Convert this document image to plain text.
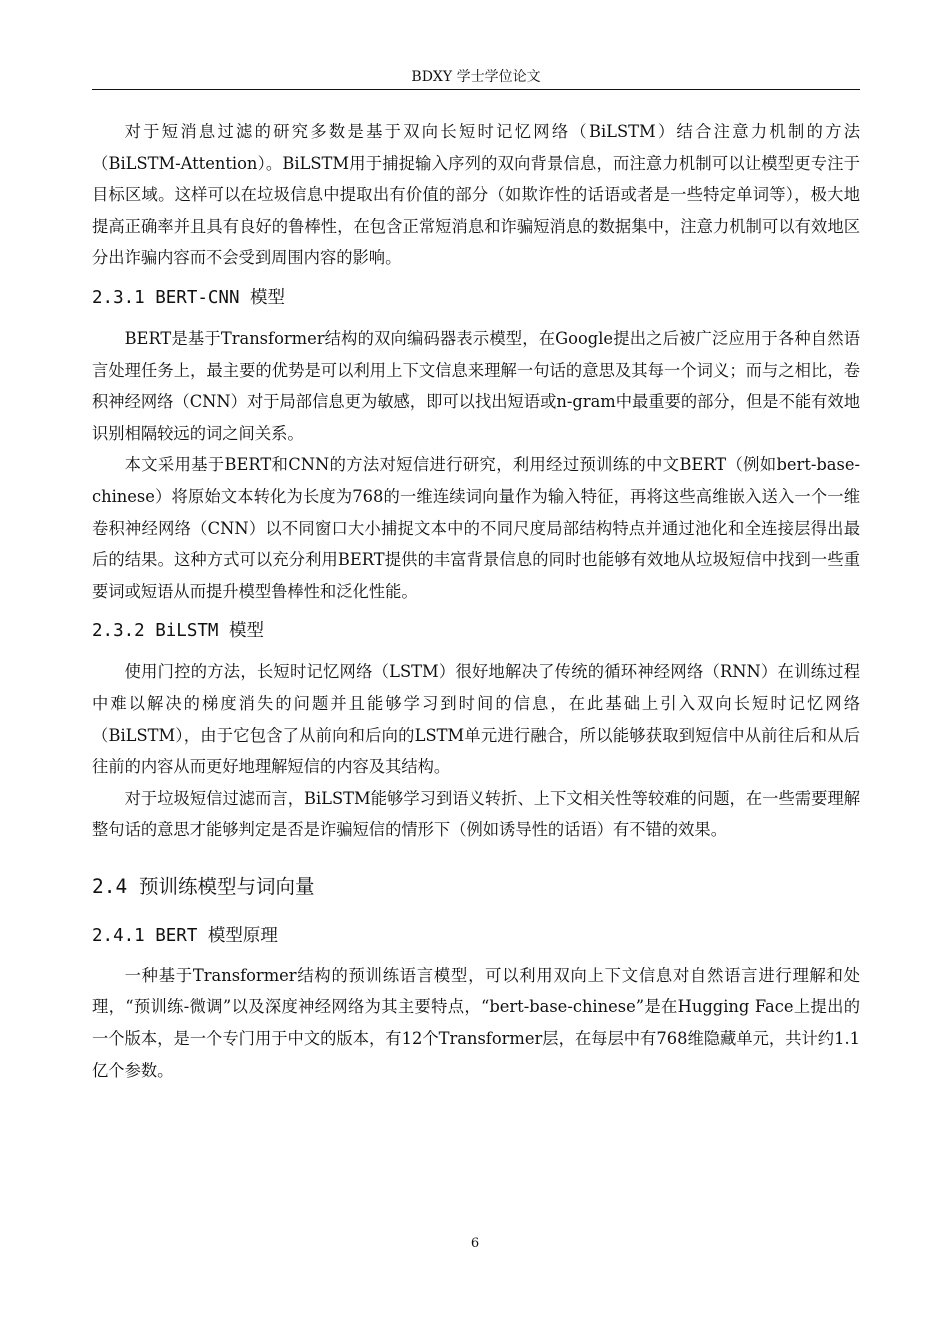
BDXY 学士学位论文

对于短消息过滤的研究多数是基于双向长短时记忆网络（BiLSTM）结合注意力机制的方法（BiLSTM-Attention）。BiLSTM用于捕捉输入序列的双向背景信息，而注意力机制可以让模型更专注于目标区域。这样可以在垃圾信息中提取出有价值的部分（如欺诈性的话语或者是一些特定单词等），极大地提高正确率并且具有良好的鲁棒性，在包含正常短消息和诈骗短消息的数据集中，注意力机制可以有效地区分出诈骗内容而不会受到周围内容的影响。

2.3.1 BERT-CNN 模型

BERT是基于Transformer结构的双向编码器表示模型，在Google提出之后被广泛应用于各种自然语言处理任务上，最主要的优势是可以利用上下文信息来理解一句话的意思及其每一个词义；而与之相比，卷积神经网络（CNN）对于局部信息更为敏感，即可以找出短语或n-gram中最重要的部分，但是不能有效地识别相隔较远的词之间关系。

本文采用基于BERT和CNN的方法对短信进行研究，利用经过预训练的中文BERT（例如bert-base-chinese）将原始文本转化为长度为768的一维连续词向量作为输入特征，再将这些高维嵌入送入一个一维卷积神经网络（CNN）以不同窗口大小捕捉文本中的不同尺度局部结构特点并通过池化和全连接层得出最后的结果。这种方式可以充分利用BERT提供的丰富背景信息的同时也能够有效地从垃圾短信中找到一些重要词或短语从而提升模型鲁棒性和泛化性能。

2.3.2 BiLSTM 模型

使用门控的方法，长短时记忆网络（LSTM）很好地解决了传统的循环神经网络（RNN）在训练过程中难以解决的梯度消失的问题并且能够学习到时间的信息，在此基础上引入双向长短时记忆网络（BiLSTM），由于它包含了从前向和后向的LSTM单元进行融合，所以能够获取到短信中从前往后和从后往前的内容从而更好地理解短信的内容及其结构。

对于垃圾短信过滤而言，BiLSTM能够学习到语义转折、上下文相关性等较难的问题，在一些需要理解整句话的意思才能够判定是否是诈骗短信的情形下（例如诱导性的话语）有不错的效果。

2.4 预训练模型与词向量
2.4.1 BERT 模型原理

一种基于Transformer结构的预训练语言模型，可以利用双向上下文信息对自然语言进行理解和处理，“预训练-微调”以及深度神经网络为其主要特点，“bert-base-chinese”是在Hugging Face上提出的一个版本，是一个专门用于中文的版本，有12个Transformer层，在每层中有768维隐藏单元，共计约1.1亿个参数。

6
